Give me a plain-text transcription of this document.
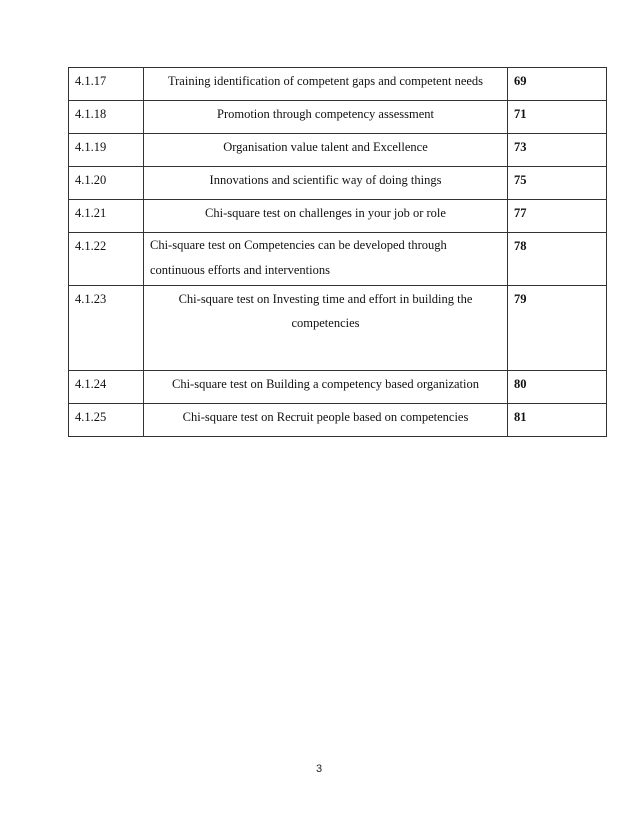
4.1.17	Training identification of competent gaps and competent needs	69
4.1.18	Promotion through competency assessment	71
4.1.19	Organisation value talent and Excellence	73
4.1.20	Innovations and scientific way of doing things	75
4.1.21	Chi-square test on challenges in your job or role	77
4.1.22	Chi-square test on Competencies can be developed through continuous efforts and interventions	78
4.1.23	Chi-square test on Investing time and effort in building the competencies	79
4.1.24	Chi-square test on Building a competency based organization	80
4.1.25	Chi-square test on Recruit people based on competencies	81
3
